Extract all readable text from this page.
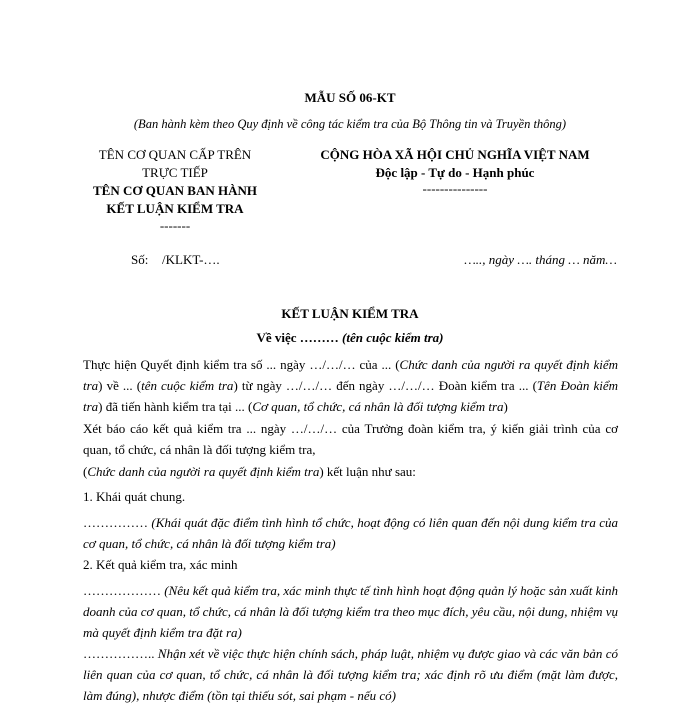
MẪU SỐ 06-KT
(Ban hành kèm theo Quy định về công tác kiểm tra của Bộ Thông tin và Truyền thông)
TÊN CƠ QUAN CẤP TRÊN
TRỰC TIẾP
TÊN CƠ QUAN BAN HÀNH
KẾT LUẬN KIỂM TRA
-------
Số: /KLKT-….
CỘNG HÒA XÃ HỘI CHỦ NGHĨA VIỆT NAM
Độc lập - Tự do - Hạnh phúc
---------------
….., ngày …. tháng … năm…
KẾT LUẬN KIỂM TRA
Về việc ……… (tên cuộc kiểm tra)
Thực hiện Quyết định kiểm tra số ... ngày …/…/… của ... (Chức danh của người ra quyết định kiểm tra) về ... (tên cuộc kiểm tra) từ ngày …/…/… đến ngày …/…/… Đoàn kiểm tra ... (Tên Đoàn kiểm tra) đã tiến hành kiểm tra tại ... (Cơ quan, tổ chức, cá nhân là đối tượng kiểm tra)
Xét báo cáo kết quả kiểm tra ... ngày …/…/… của Trưởng đoàn kiểm tra, ý kiến giải trình của cơ quan, tổ chức, cá nhân là đối tượng kiểm tra,
(Chức danh của người ra quyết định kiểm tra) kết luận như sau:
1. Khái quát chung.
…………… (Khái quát đặc điểm tình hình tổ chức, hoạt động có liên quan đến nội dung kiểm tra của cơ quan, tổ chức, cá nhân là đối tượng kiểm tra)
2. Kết quả kiểm tra, xác minh
……………… (Nêu kết quả kiểm tra, xác minh thực tế tình hình hoạt động quản lý hoặc sản xuất kinh doanh của cơ quan, tổ chức, cá nhân là đối tượng kiểm tra theo mục đích, yêu cầu, nội dung, nhiệm vụ mà quyết định kiểm tra đặt ra)
…………….. Nhận xét về việc thực hiện chính sách, pháp luật, nhiệm vụ được giao và các văn bản có liên quan của cơ quan, tổ chức, cá nhân là đối tượng kiểm tra; xác định rõ ưu điểm (mặt làm được, làm đúng), nhược điểm (tồn tại thiếu sót, sai phạm - nếu có)
